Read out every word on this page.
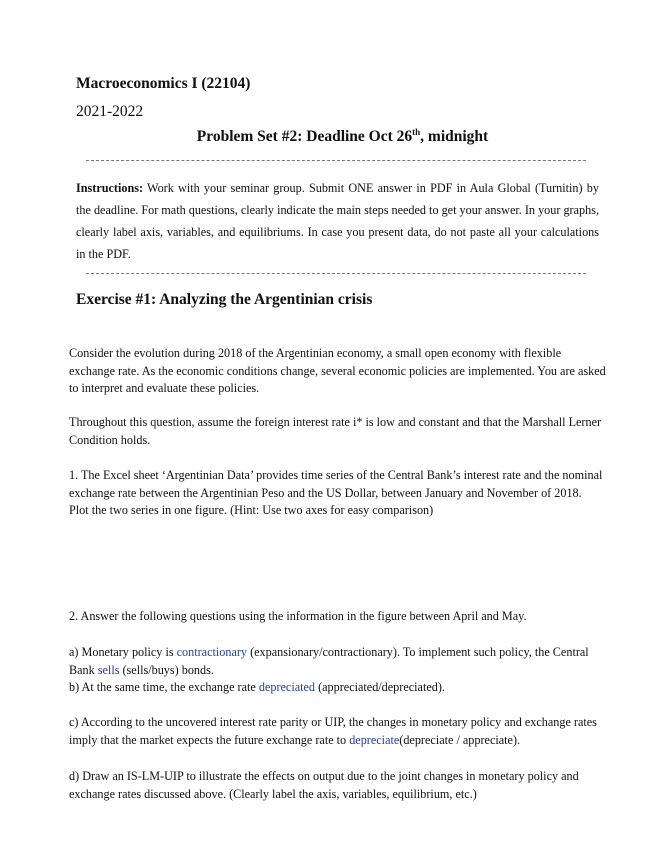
Macroeconomics I (22104)
2021-2022
Problem Set #2: Deadline Oct 26th, midnight
Instructions: Work with your seminar group. Submit ONE answer in PDF in Aula Global (Turnitin) by the deadline. For math questions, clearly indicate the main steps needed to get your answer. In your graphs, clearly label axis, variables, and equilibriums. In case you present data, do not paste all your calculations in the PDF.
Exercise #1: Analyzing the Argentinian crisis
Consider the evolution during 2018 of the Argentinian economy, a small open economy with flexible exchange rate. As the economic conditions change, several economic policies are implemented. You are asked to interpret and evaluate these policies.
Throughout this question, assume the foreign interest rate i* is low and constant and that the Marshall Lerner Condition holds.
1. The Excel sheet ‘Argentinian Data’ provides time series of the Central Bank’s interest rate and the nominal exchange rate between the Argentinian Peso and the US Dollar, between January and November of 2018.
Plot the two series in one figure. (Hint: Use two axes for easy comparison)
2. Answer the following questions using the information in the figure between April and May.
a) Monetary policy is contractionary (expansionary/contractionary). To implement such policy, the Central Bank sells (sells/buys) bonds.
b) At the same time, the exchange rate depreciated (appreciated/depreciated).
c) According to the uncovered interest rate parity or UIP, the changes in monetary policy and exchange rates imply that the market expects the future exchange rate to depreciate(depreciate / appreciate).
d) Draw an IS-LM-UIP to illustrate the effects on output due to the joint changes in monetary policy and exchange rates discussed above. (Clearly label the axis, variables, equilibrium, etc.)
